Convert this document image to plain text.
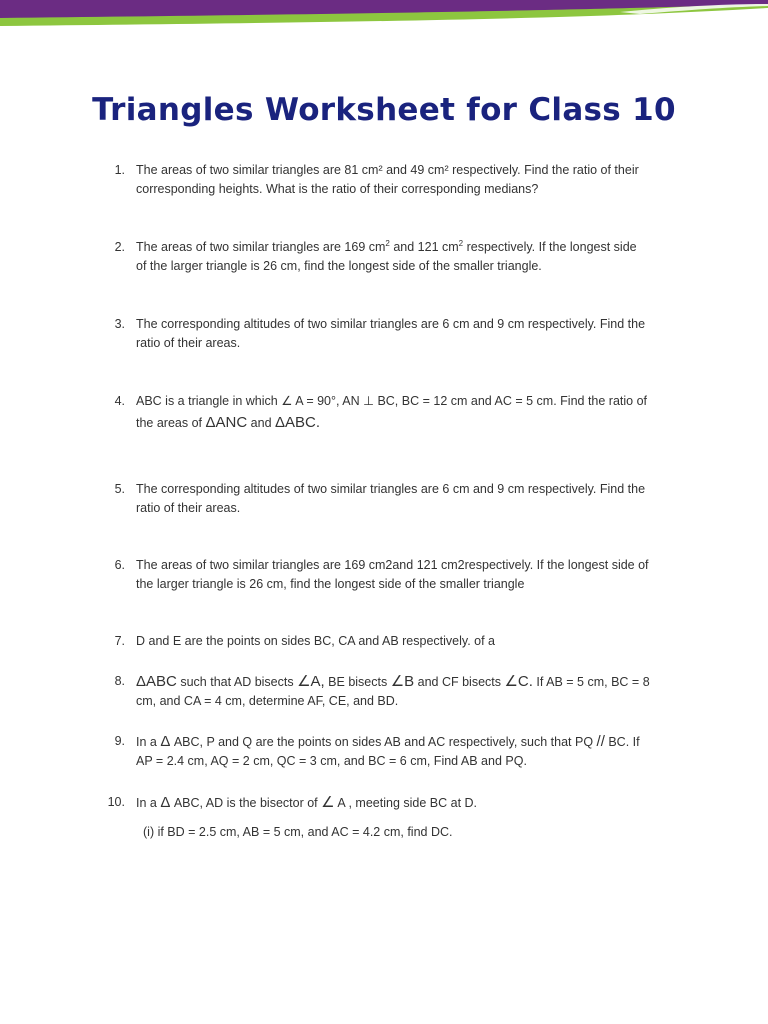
Triangles Worksheet for Class 10
1. The areas of two similar triangles are 81 cm² and 49 cm² respectively. Find the ratio of their
corresponding heights. What is the ratio of their corresponding medians?
2. The areas of two similar triangles are 169 $cm^2$ and 121 $cm^2$ respectively. If the longest side
of the larger triangle is 26 cm, find the longest side of the smaller triangle.
3. The corresponding altitudes of two similar triangles are 6 cm and 9 cm respectively. Find the
ratio of their areas.
4. ABC is a triangle in which ∠ A = 90°, AN ⊥ BC, BC = 12 cm and AC = 5 cm. Find the ratio of
the areas of ΔANC and ΔABC.
5. The corresponding altitudes of two similar triangles are 6 cm and 9 cm respectively. Find the
ratio of their areas.
6. The areas of two similar triangles are 169 cm2and 121 cm2respectively. If the longest side of
the larger triangle is 26 cm, find the longest side of the smaller triangle
7. D and E are the points on sides BC, CA and AB respectively. of a
8. ΔABC such that AD bisects ∠A, BE bisects ∠B and CF bisects ∠C. If AB = 5 cm, BC = 8
cm, and CA = 4 cm, determine AF, CE, and BD.
9. In a Δ ABC, P and Q are the points on sides AB and AC respectively, such that PQ // BC. If
AP = 2.4 cm, AQ = 2 cm, QC = 3 cm, and BC = 6 cm, Find AB and PQ.
10. In a Δ ABC, AD is the bisector of ∠ A , meeting side BC at D.
(i) if BD = 2.5 cm, AB = 5 cm, and AC = 4.2 cm, find DC.
